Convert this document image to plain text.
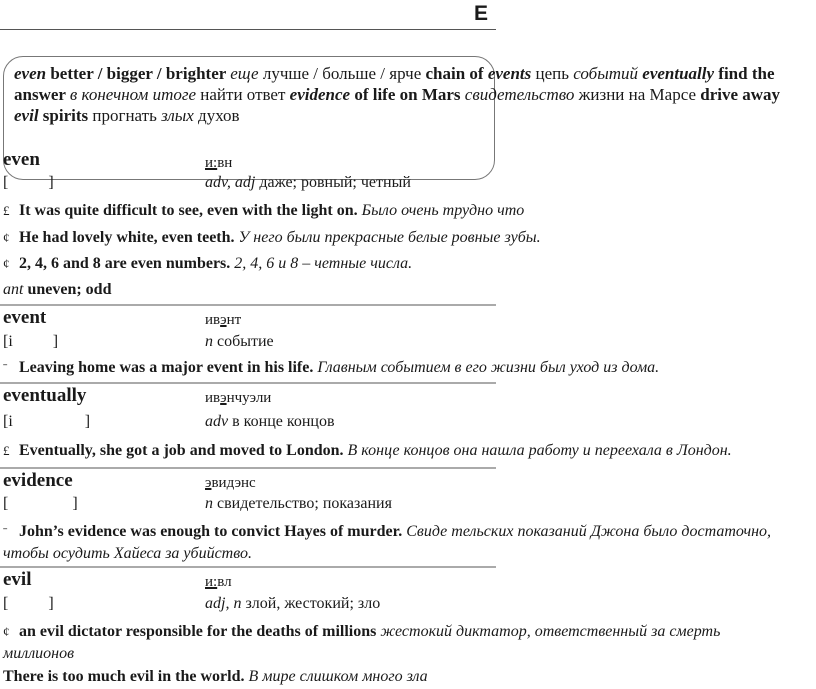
E
even better / bigger / brighter еще лучше / больше / ярче chain of events цепь событий eventually find the answer в конечном итоге найти ответ evidence of life on Mars свидетельство жизни на Марсе drive away evil spirits прогнать злых духов
even	и:вн
[          ]	adv, adj даже; ровный; четный
£ It was quite difficult to see, even with the light on. Было очень трудно что
¢ He had lovely white, even teeth. У него были прекрасные белые ровные зубы.
¢ 2, 4, 6 and 8 are even numbers. 2, 4, 6 и 8 – четные числа.
ant uneven; odd
event	ивэнт
[i          ]	n событие
ˉ Leaving home was a major event in his life. Главным событием в его жизни был уход из дома.
eventually	ивэнчуэли
[i                  ]	adv в конце концов
£ Eventually, she got a job and moved to London. В конце концов она нашла работу и переехала в Лондон.
evidence	эвидэнс
[                ]	n свидетельство; показания
ˉ John’s evidence was enough to convict Hayes of murder. Свиде тельских показаний Джона было достаточно, чтобы осудить Хайеса за убийство.
evil	и:вл
[          ]	adj, n злой, жестокий; зло
¢ an evil dictator responsible for the deaths of millions жестокий диктатор, ответственный за смерть миллионов
There is too much evil in the world. В мире слишком много зла
